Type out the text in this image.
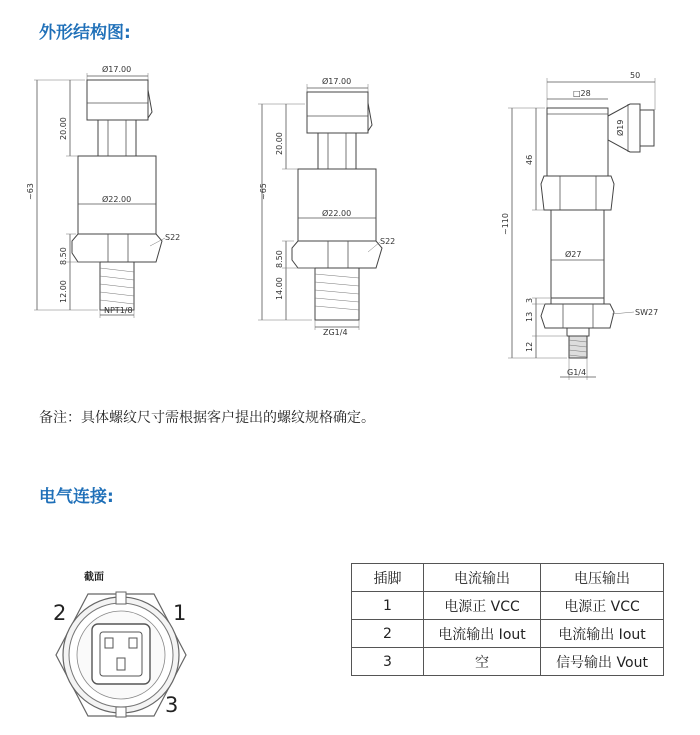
外形结构图:
Ø17.00
Ø22.00
S22
NPT1/8
~63
20.00
8.50
12.00
Ø17.00
Ø22.00
S22
ZG1/4
~65
20.00
8.50
14.00
50
□28
Ø19
Ø27
SW27
G1/4
~110
46
3
13
12
截面
1
2
3
备注：具体螺纹尺寸需根据客户提出的螺纹规格确定。
电气连接:
插脚	电流输出	电压输出
1	电源正 VCC	电源正 VCC
2	电流输出 Iout	电流输出 Iout
3	空	信号输出 Vout
